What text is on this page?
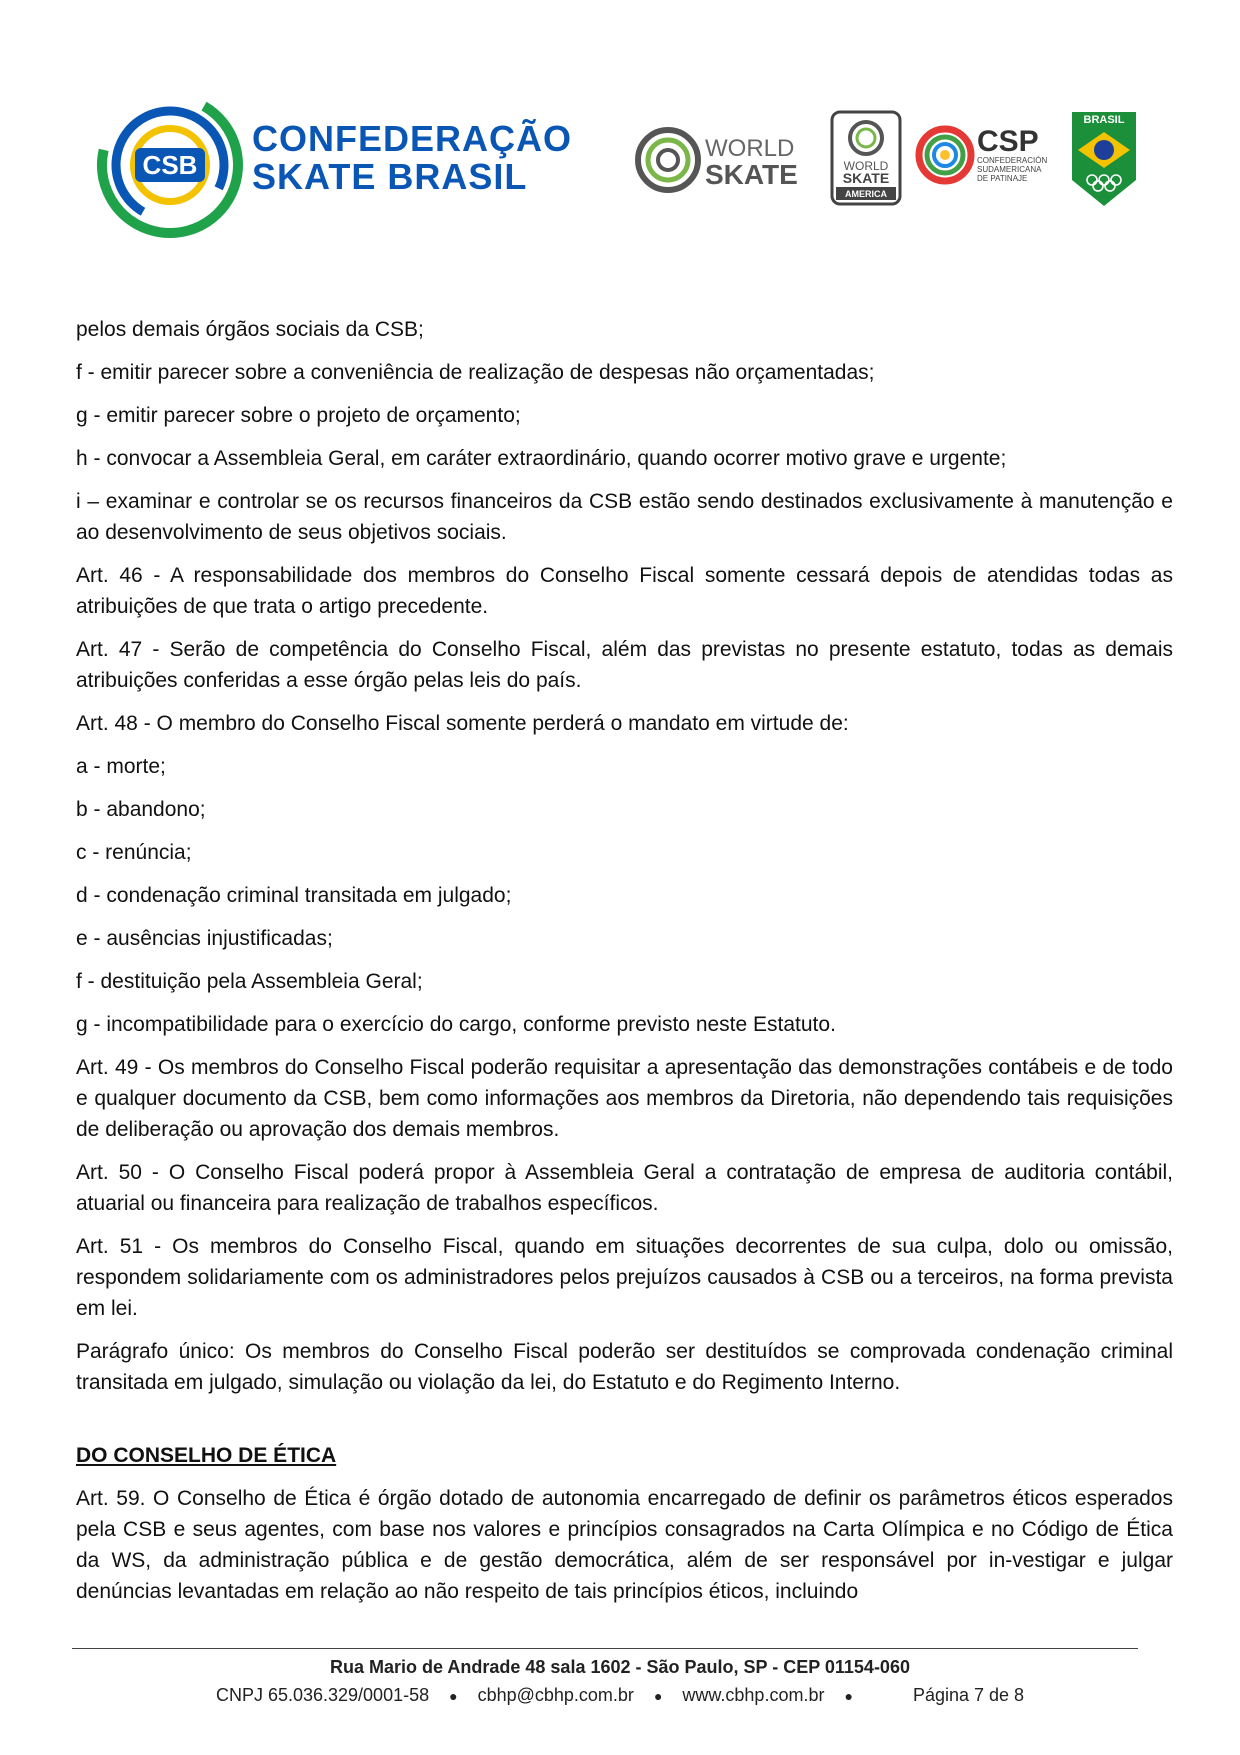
CSB
CONFEDERAÇÃO
SKATE BRASIL
WORLD
SKATE	WORLD
SKATE
AMERICA
CSP
CONFEDERACIÓN
SUDAMERICANA
DE PATINAJE
BRASIL

pelos demais órgãos sociais da CSB;

f - emitir parecer sobre a conveniência de realização de despesas não orçamentadas;

g - emitir parecer sobre o projeto de orçamento;

h - convocar a Assembleia Geral, em caráter extraordinário, quando ocorrer motivo grave e urgente;

i – examinar e controlar se os recursos financeiros da CSB estão sendo destinados exclusivamente à manutenção e ao desenvolvimento de seus objetivos sociais.

Art. 46 - A responsabilidade dos membros do Conselho Fiscal somente cessará depois de atendidas todas as atribuições de que trata o artigo precedente.

Art. 47 - Serão de competência do Conselho Fiscal, além das previstas no presente estatuto, todas as demais atribuições conferidas a esse órgão pelas leis do país.

Art. 48 - O membro do Conselho Fiscal somente perderá o mandato em virtude de:

a - morte;

b - abandono;

c - renúncia;

d - condenação criminal transitada em julgado;

e - ausências injustificadas;

f - destituição pela Assembleia Geral;

g - incompatibilidade para o exercício do cargo, conforme previsto neste Estatuto.

Art. 49 - Os membros do Conselho Fiscal poderão requisitar a apresentação das demonstrações contábeis e de todo e qualquer documento da CSB, bem como informações aos membros da Diretoria, não dependendo tais requisições de deliberação ou aprovação dos demais membros.

Art. 50 - O Conselho Fiscal poderá propor à Assembleia Geral a contratação de empresa de auditoria contábil, atuarial ou financeira para realização de trabalhos específicos.

Art. 51 - Os membros do Conselho Fiscal, quando em situações decorrentes de sua culpa, dolo ou omissão, respondem solidariamente com os administradores pelos prejuízos causados à CSB ou a terceiros, na forma prevista em lei.

Parágrafo único: Os membros do Conselho Fiscal poderão ser destituídos se comprovada condenação criminal transitada em julgado, simulação ou violação da lei, do Estatuto e do Regimento Interno.

DO CONSELHO DE ÉTICA

Art. 59. O Conselho de Ética é órgão dotado de autonomia encarregado de definir os parâmetros éticos esperados pela CSB e seus agentes, com base nos valores e princípios consagrados na Carta Olímpica e no Código de Ética da WS, da administração pública e de gestão democrática, além de ser responsável por in-vestigar e julgar denúncias levantadas em relação ao não respeito de tais princípios éticos, incluindo

Rua Mario de Andrade 48 sala 1602 - São Paulo, SP - CEP 01154-060
CNPJ 65.036.329/0001-58 ● cbhp@cbhp.com.br ● www.cbhp.com.br ●	Página 7 de 8
